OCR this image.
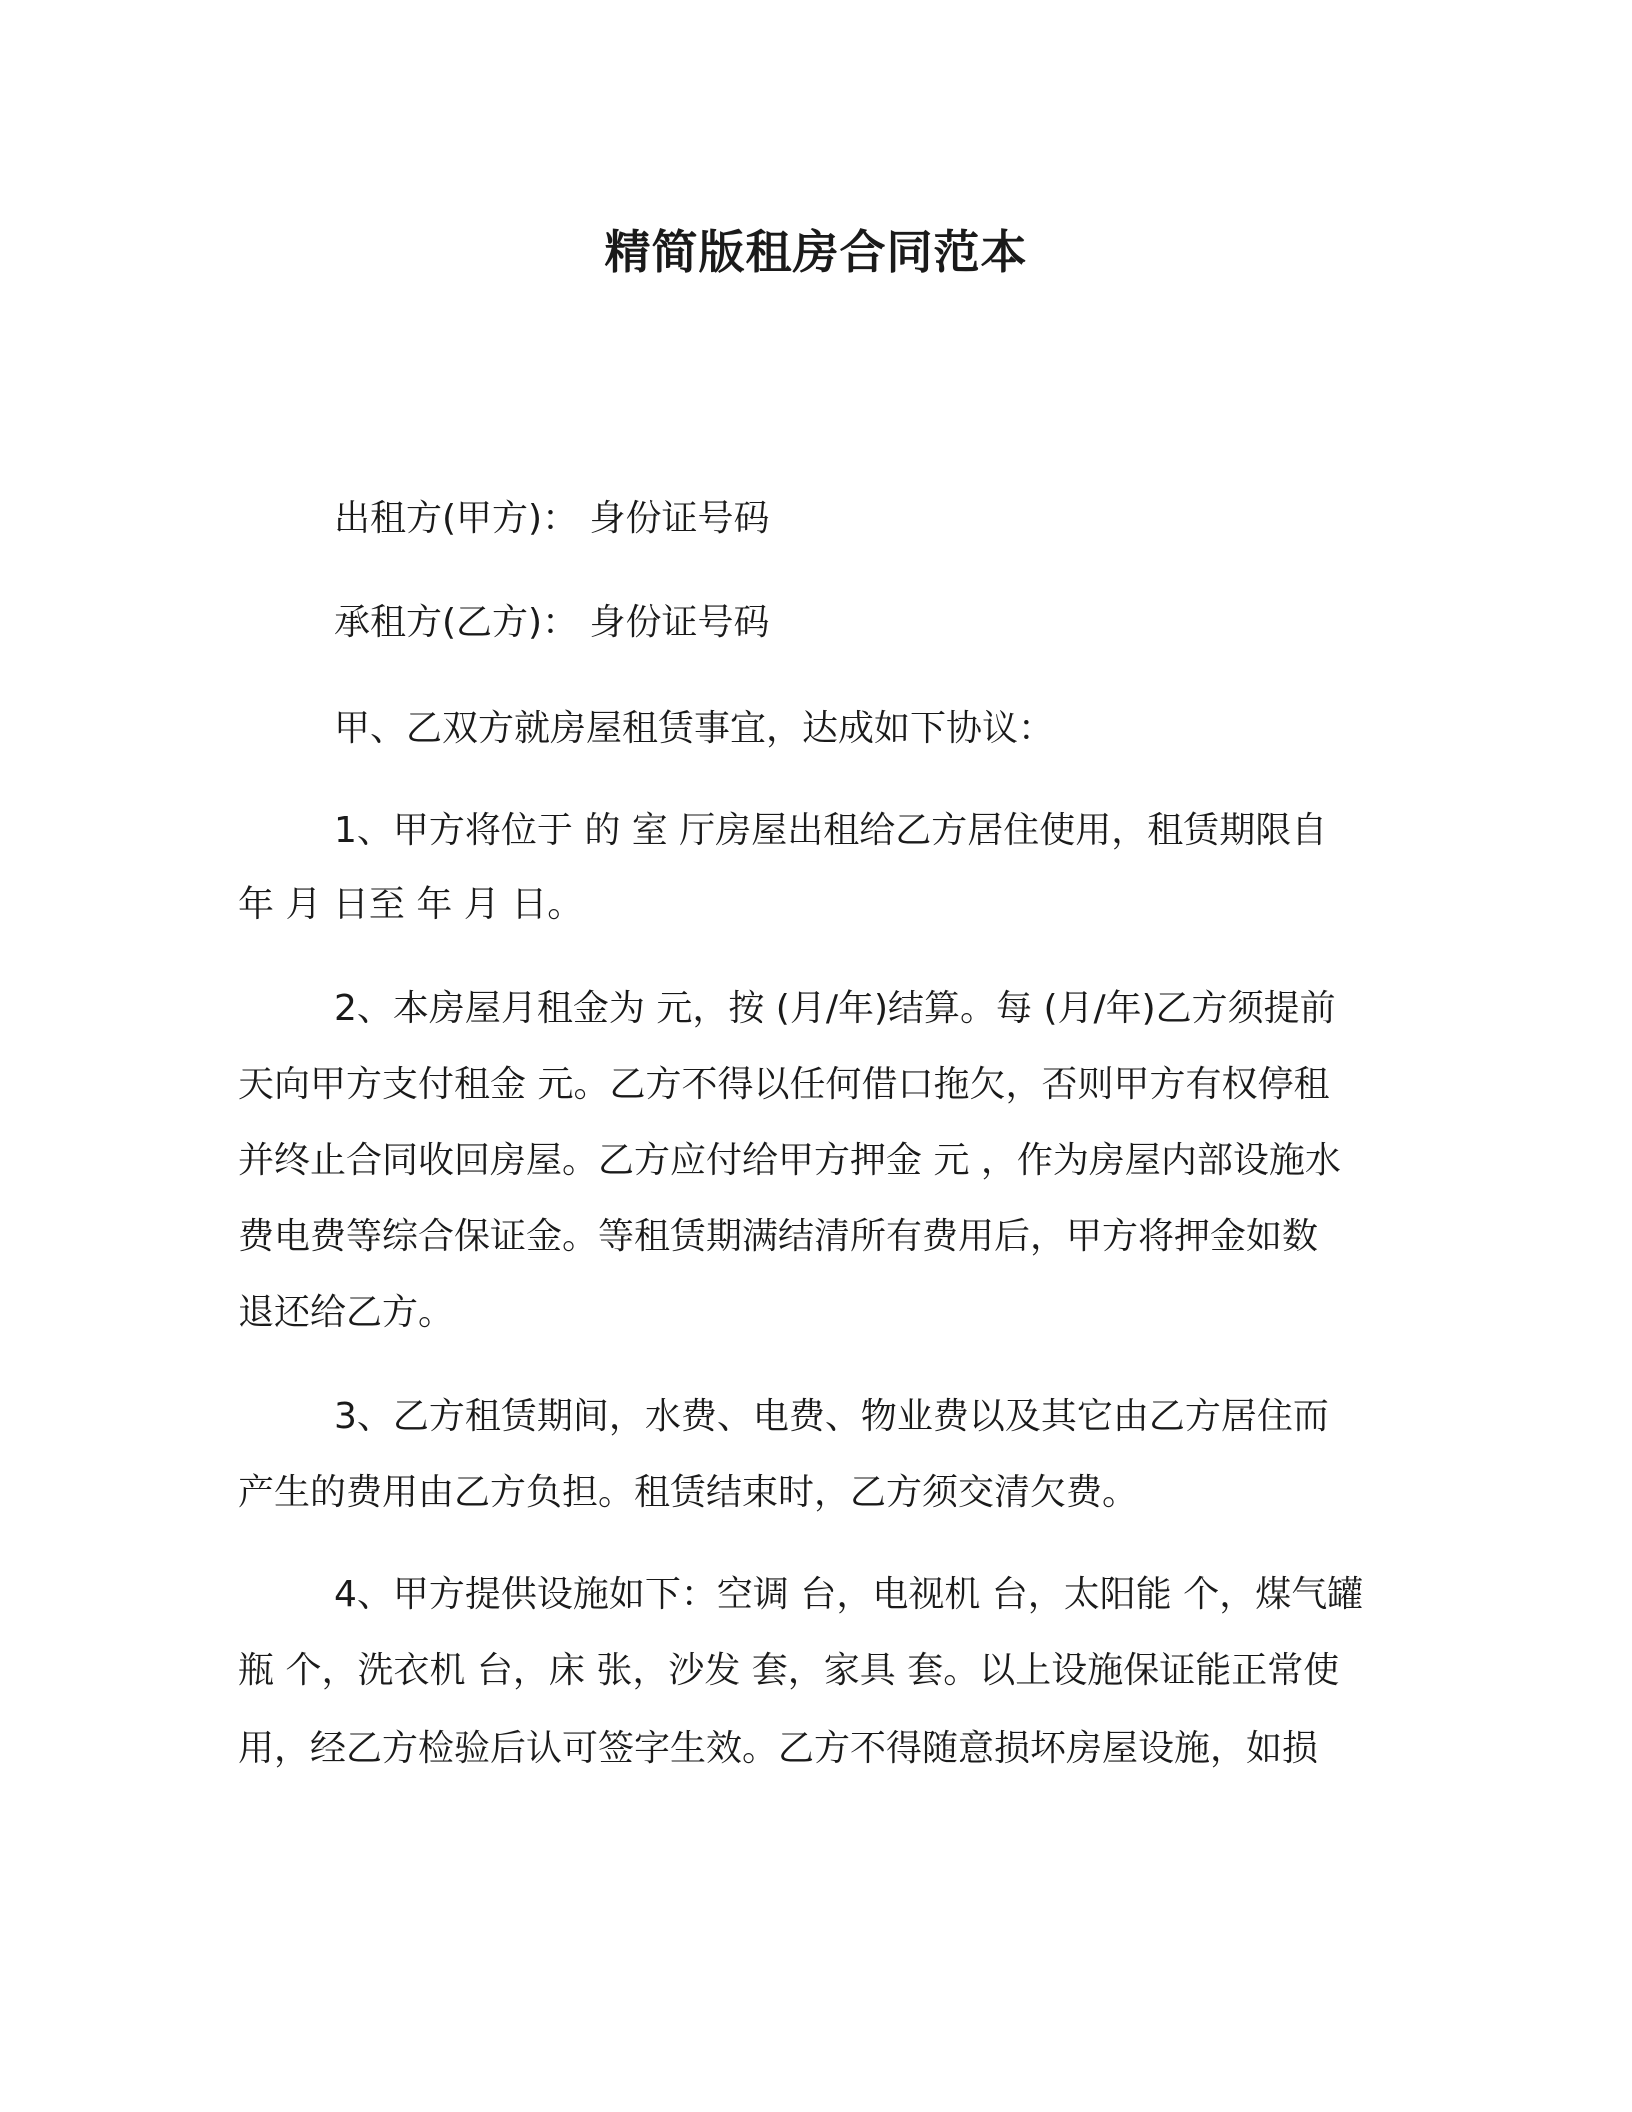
精简版租房合同范本
出租方(甲方)： 身份证号码
承租方(乙方)： 身份证号码
甲、乙双方就房屋租赁事宜，达成如下协议：
1、甲方将位于 的 室 厅房屋出租给乙方居住使用，租赁期限自
年 月 日至 年 月 日。
2、本房屋月租金为 元，按 (月/年)结算。每 (月/年)乙方须提前
天向甲方支付租金 元。乙方不得以任何借口拖欠，否则甲方有权停租
并终止合同收回房屋。乙方应付给甲方押金 元 ，作为房屋内部设施水
费电费等综合保证金。等租赁期满结清所有费用后，甲方将押金如数
退还给乙方。
3、乙方租赁期间，水费、电费、物业费以及其它由乙方居住而
产生的费用由乙方负担。租赁结束时，乙方须交清欠费。
4、甲方提供设施如下：空调 台，电视机 台，太阳能 个，煤气罐
瓶 个，洗衣机 台，床 张，沙发 套，家具 套。以上设施保证能正常使
用，经乙方检验后认可签字生效。乙方不得随意损坏房屋设施，如损
